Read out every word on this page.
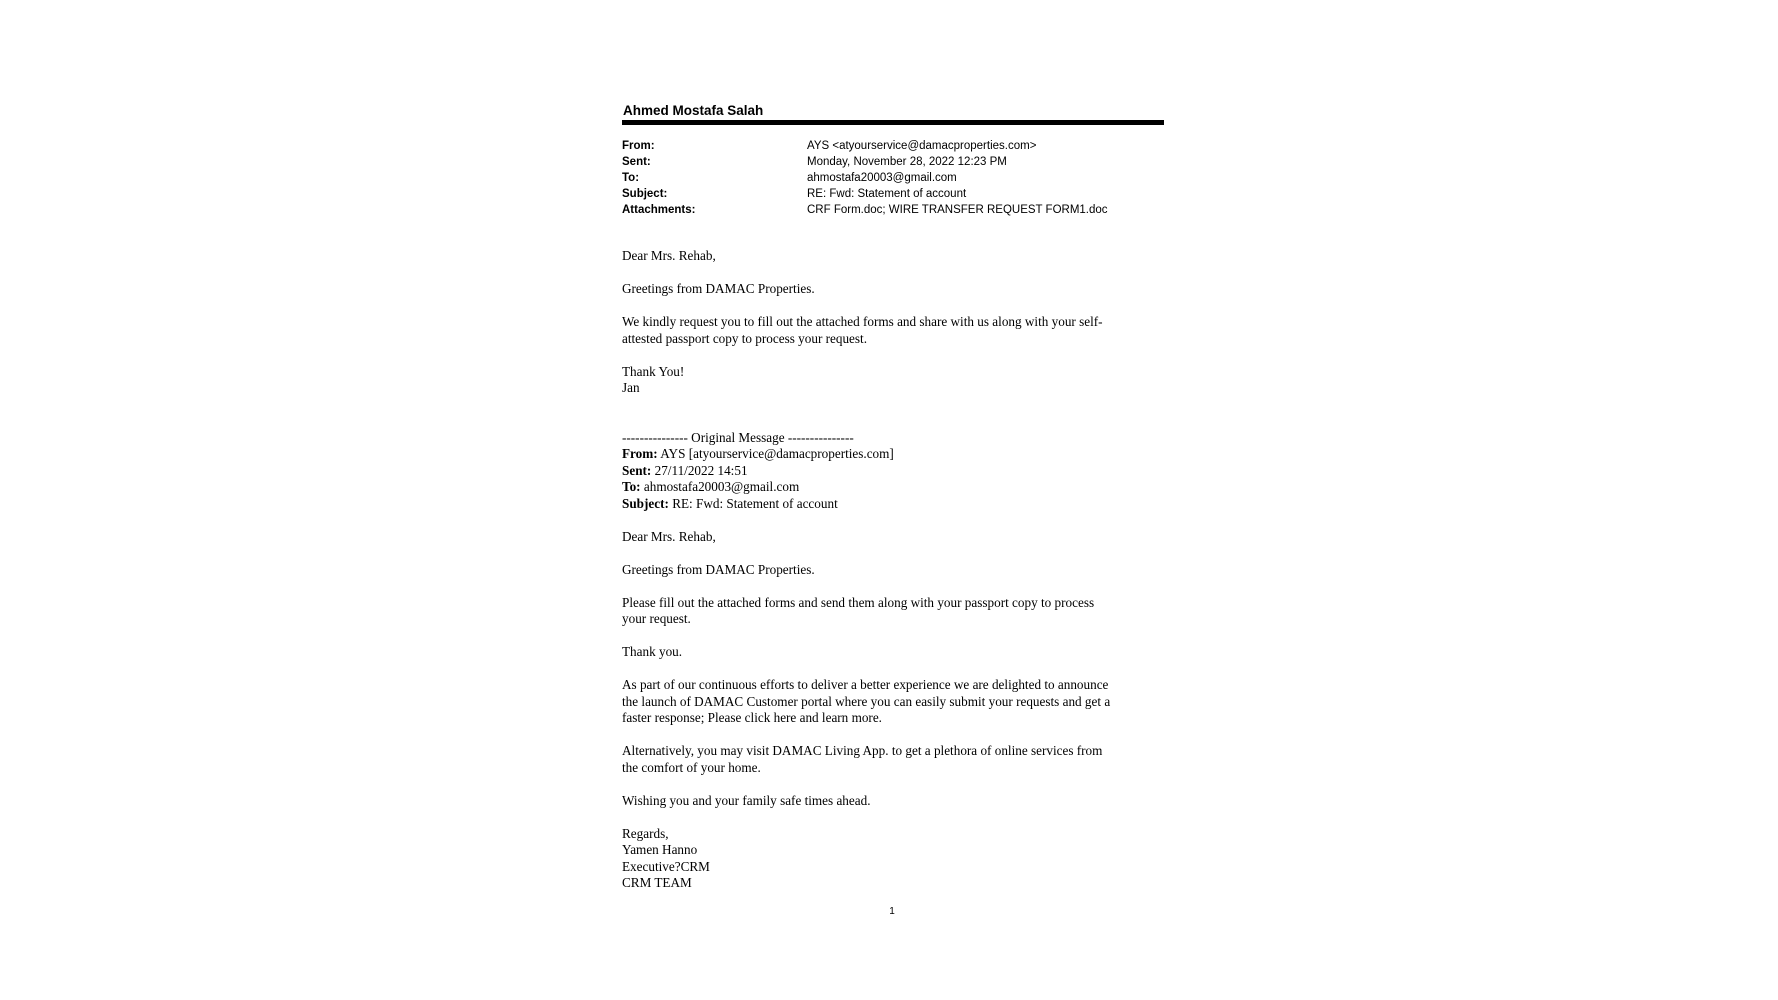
Ahmed Mostafa Salah
From:	AYS <atyourservice@damacproperties.com>
Sent:	Monday, November 28, 2022 12:23 PM
To:	ahmostafa20003@gmail.com
Subject:	RE: Fwd: Statement of account
Attachments:	CRF Form.doc; WIRE TRANSFER REQUEST FORM1.doc

Dear Mrs. Rehab,

Greetings from DAMAC Properties.

We kindly request you to fill out the attached forms and share with us along with your self-
attested passport copy to process your request.

Thank You!
Jan

--------------- Original Message ---------------
From: AYS [atyourservice@damacproperties.com]
Sent: 27/11/2022 14:51
To: ahmostafa20003@gmail.com
Subject: RE: Fwd: Statement of account

Dear Mrs. Rehab,

Greetings from DAMAC Properties.

Please fill out the attached forms and send them along with your passport copy to process
your request.

Thank you.

As part of our continuous efforts to deliver a better experience we are delighted to announce
the launch of DAMAC Customer portal where you can easily submit your requests and get a
faster response; Please click here and learn more.

Alternatively, you may visit DAMAC Living App. to get a plethora of online services from
the comfort of your home.

Wishing you and your family safe times ahead.

Regards,
Yamen Hanno
Executive?CRM
CRM TEAM

1
